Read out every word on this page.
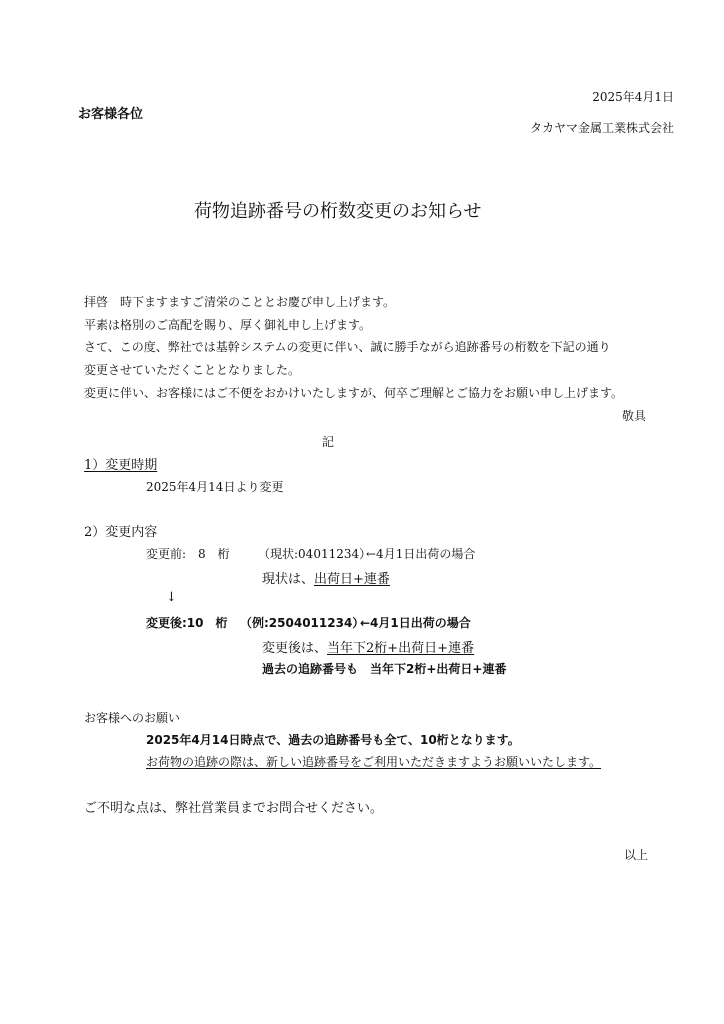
2025年4月1日
お客様各位
タカヤマ金属工業株式会社
荷物追跡番号の桁数変更のお知らせ
拝啓　時下ますますご清栄のこととお慶び申し上げます。
平素は格別のご高配を賜り、厚く御礼申し上げます。
さて、この度、弊社では基幹システムの変更に伴い、誠に勝手ながら追跡番号の桁数を下記の通り
変更させていただくこととなりました。
変更に伴い、お客様にはご不便をおかけいたしますが、何卒ご理解とご協力をお願い申し上げます。
敬具
記
1）変更時期
2025年4月14日より変更
2）変更内容
変更前:　8　桁 （現状:04011234）
←4月1日出荷の場合
現状は、出荷日+連番
↓
変更後:10　桁 （例:2504011234）
←4月1日出荷の場合
変更後は、当年下2桁+出荷日+連番
過去の追跡番号も　当年下2桁+出荷日+連番
お客様へのお願い
2025年4月14日時点で、過去の追跡番号も全て、10桁となります。
お荷物の追跡の際は、新しい追跡番号をご利用いただきますようお願いいたします。
ご不明な点は、弊社営業員までお問合せください。
以上
